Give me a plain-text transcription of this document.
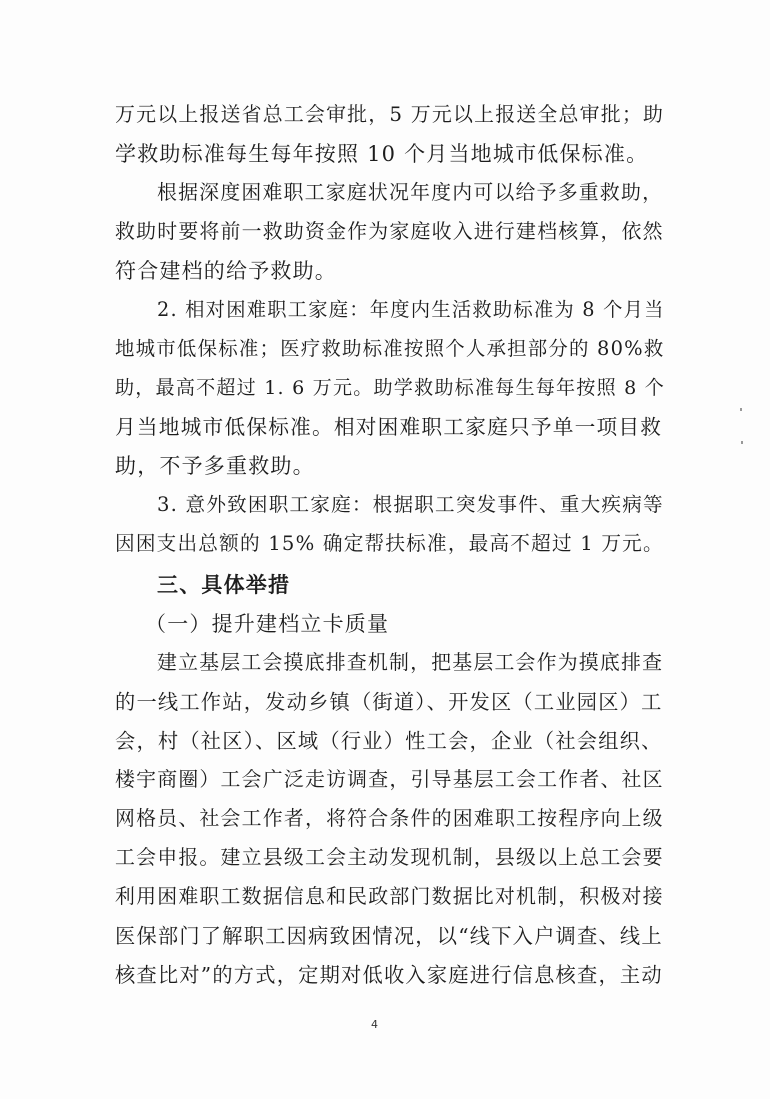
万元以上报送省总工会审批，5 万元以上报送全总审批；助
学救助标准每生每年按照 10 个月当地城市低保标准。
根据深度困难职工家庭状况年度内可以给予多重救助，
救助时要将前一救助资金作为家庭收入进行建档核算，依然
符合建档的给予救助。
2. 相对困难职工家庭：年度内生活救助标准为 8 个月当
地城市低保标准；医疗救助标准按照个人承担部分的 80%救
助，最高不超过 1. 6 万元。助学救助标准每生每年按照 8 个
月当地城市低保标准。相对困难职工家庭只予单一项目救
助，不予多重救助。
3. 意外致困职工家庭：根据职工突发事件、重大疾病等
因困支出总额的 15% 确定帮扶标准，最高不超过 1 万元。
三、具体举措
（一）提升建档立卡质量
建立基层工会摸底排查机制，把基层工会作为摸底排查
的一线工作站，发动乡镇（街道）、开发区（工业园区）工
会，村（社区）、区域（行业）性工会，企业（社会组织、
楼宇商圈）工会广泛走访调查，引导基层工会工作者、社区
网格员、社会工作者，将符合条件的困难职工按程序向上级
工会申报。建立县级工会主动发现机制，县级以上总工会要
利用困难职工数据信息和民政部门数据比对机制，积极对接
医保部门了解职工因病致困情况，以“线下入户调查、线上
核查比对”的方式，定期对低收入家庭进行信息核查，主动
4
